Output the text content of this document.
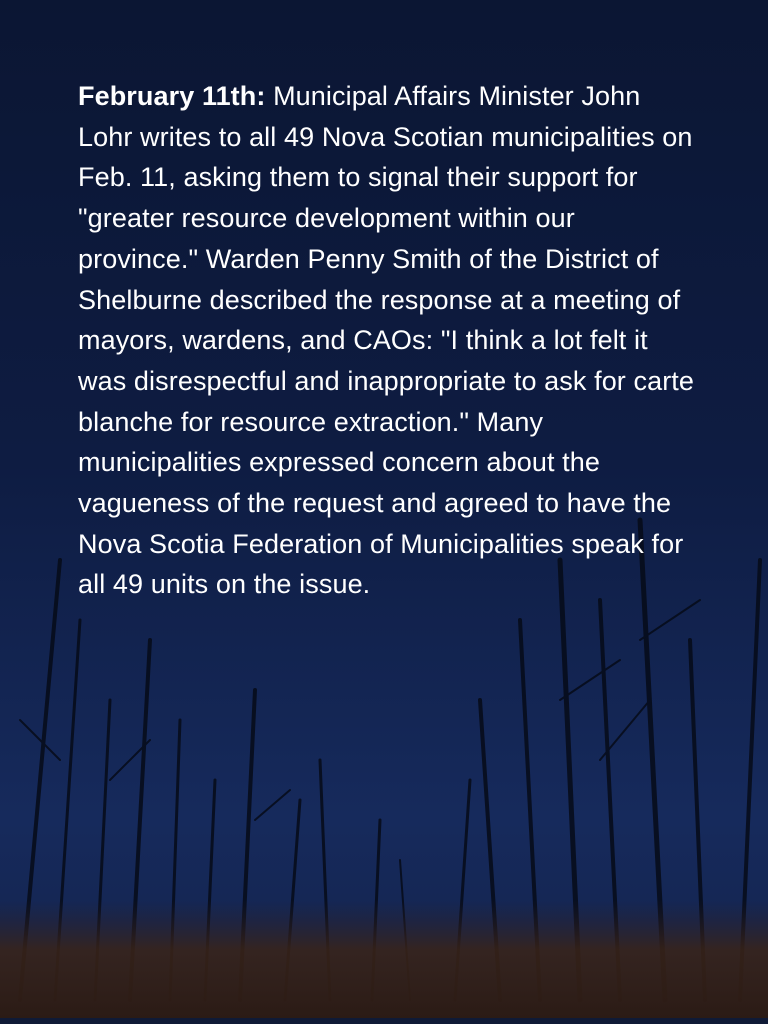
February 11th: Municipal Affairs Minister John Lohr writes to all 49 Nova Scotian municipalities on Feb. 11, asking them to signal their support for "greater resource development within our province." Warden Penny Smith of the District of Shelburne described the response at a meeting of mayors, wardens, and CAOs: "I think a lot felt it was disrespectful and inappropriate to ask for carte blanche for resource extraction." Many municipalities expressed concern about the vagueness of the request and agreed to have the Nova Scotia Federation of Municipalities speak for all 49 units on the issue.
